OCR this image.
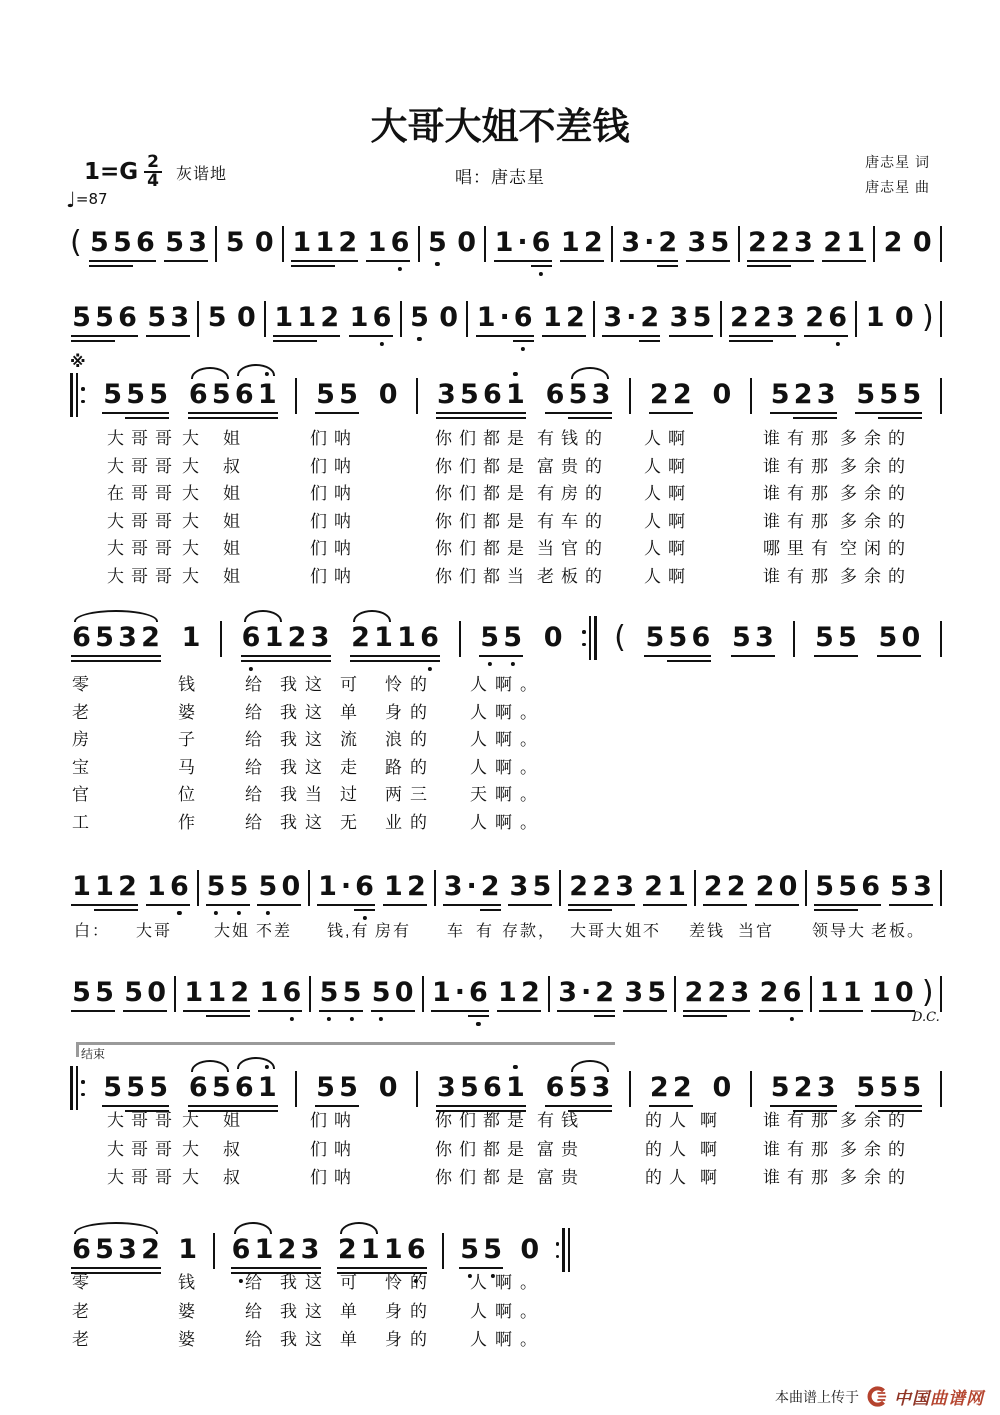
大哥大姐不差钱
$1=G \frac{2}{4}$ 灰谐地
♩=87
唱：唐志星
唐志星 词
唐志星 曲
( 5 5 6 5 3 5 0 1 1 2 1 6 5 0 1 · 6 1 2 3 · 2 3 5 2 2 3 2 1 2 0
5 5 6 5 3 5 0 1 1 2 1 6 5 0 1 · 6 1 2 3 · 2 3 5 2 2 3 2 6 1 0 )
5 5 5 6 5 6 1 5 5 0 3 5 6 1 6 5 3 2 2 0 5 2 3 5 5 5
※
6 5 3 2 1 6 1 2 3 2 1 1 6 5 5 0 ( 5 5 6 5 3 5 5 5 0
1 1 2 1 6 5 5 5 0 1 · 6 1 2 3 · 2 3 5 2 2 3 2 1 2 2 2 0 5 5 6 5 3
5 5 5 0 1 1 2 1 6 5 5 5 0 1 · 6 1 2 3 · 2 3 5 2 2 3 2 6 1 1 1 0 )
D.C.
5 5 5 6 5 6 1 5 5 0 3 5 6 1 6 5 3 2 2 0 5 2 3 5 5 5
结束
6 5 3 2 1 6 1 2 3 2 1 1 6 5 5 0
大哥哥 大 姐	们呐	你们都是 有钱的 人啊	谁有那 多余的
大哥哥 大 叔	们呐	你们都是 富贵的 人啊	谁有那 多余的
在哥哥 大 姐	们呐	你们都是 有房的 人啊	谁有那 多余的
大哥哥 大 姐	们呐	你们都是 有车的 人啊	谁有那 多余的
大哥哥 大 姐	们呐	你们都是 当官的 人啊	哪里有 空闲的
大哥哥 大 姐	们呐	你们都当 老板的 人啊	谁有那 多余的
零	钱 给 我这 可 怜的 人啊。
老	婆 给 我这 单 身的 人啊。
房	子 给 我这 流 浪的 人啊。
宝	马 给 我这 走 路的 人啊。
官	位 给 我当 过 两三 天啊。
工	作 给 我这 无 业的 人啊。
白： 大哥	大姐 不差 钱,有 房有 车 有 存款， 大哥大 姐不 差钱 当官 领导大 老板。
大哥哥 大 姐	们呐	你们都是 有钱	的人 啊 谁有那 多余的
大哥哥 大 叔	们呐	你们都是 富贵	的人 啊 谁有那 多余的
大哥哥 大 叔	们呐	你们都是 富贵	的人 啊 谁有那 多余的
零	钱 给 我这 可 怜的 人啊。
老	婆 给 我这 单 身的 人啊。
老	婆 给 我这 单 身的 人啊。
本曲谱上传于 中国曲谱网
